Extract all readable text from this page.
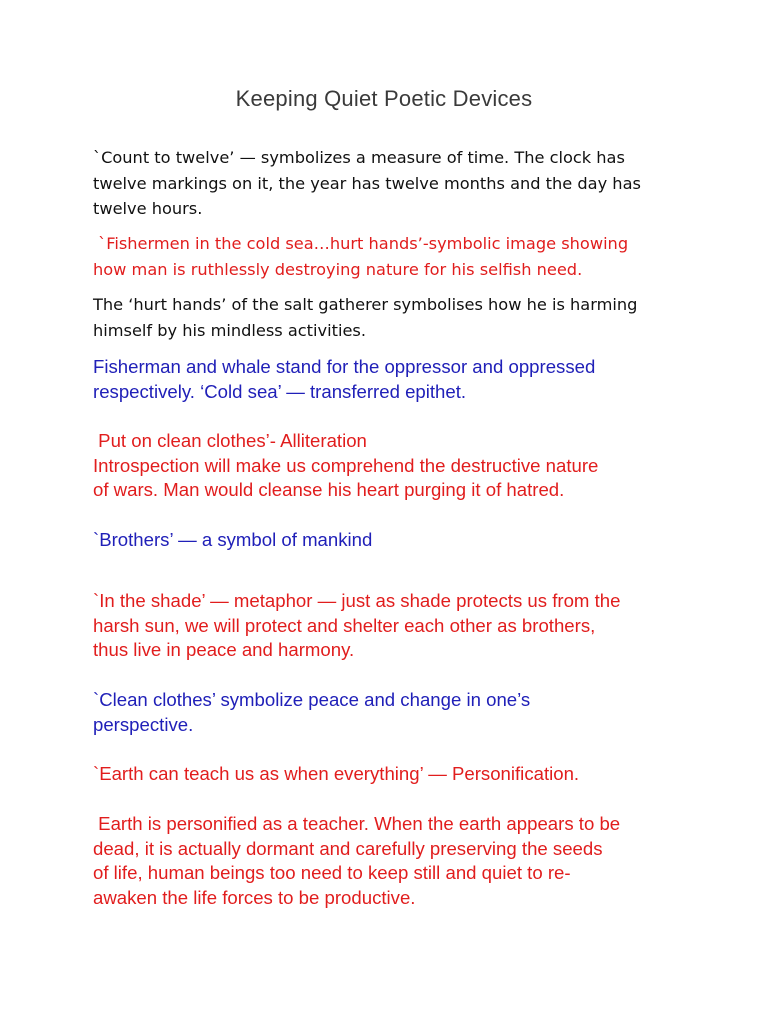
Keeping Quiet Poetic Devices

`Count to twelve’ — symbolizes a measure of time. The clock has
twelve markings on it, the year has twelve months and the day has
twelve hours.

`Fishermen in the cold sea…hurt hands’-symbolic image showing
how man is ruthlessly destroying nature for his selfish need.

The ‘hurt hands’ of the salt gatherer symbolises how he is harming
himself by his mindless activities.

Fisherman and whale stand for the oppressor and oppressed
respectively. ‘Cold sea’ — transferred epithet.

Put on clean clothes’- Alliteration
Introspection will make us comprehend the destructive nature
of wars. Man would cleanse his heart purging it of hatred.

`Brothers’ — a symbol of mankind

`In the shade’ — metaphor — just as shade protects us from the
harsh sun, we will protect and shelter each other as brothers,
thus live in peace and harmony.

`Clean clothes’ symbolize peace and change in one’s
perspective.

`Earth can teach us as when everything’ — Personification.

Earth is personified as a teacher. When the earth appears to be
dead, it is actually dormant and carefully preserving the seeds
of life, human beings too need to keep still and quiet to re-
awaken the life forces to be productive.
